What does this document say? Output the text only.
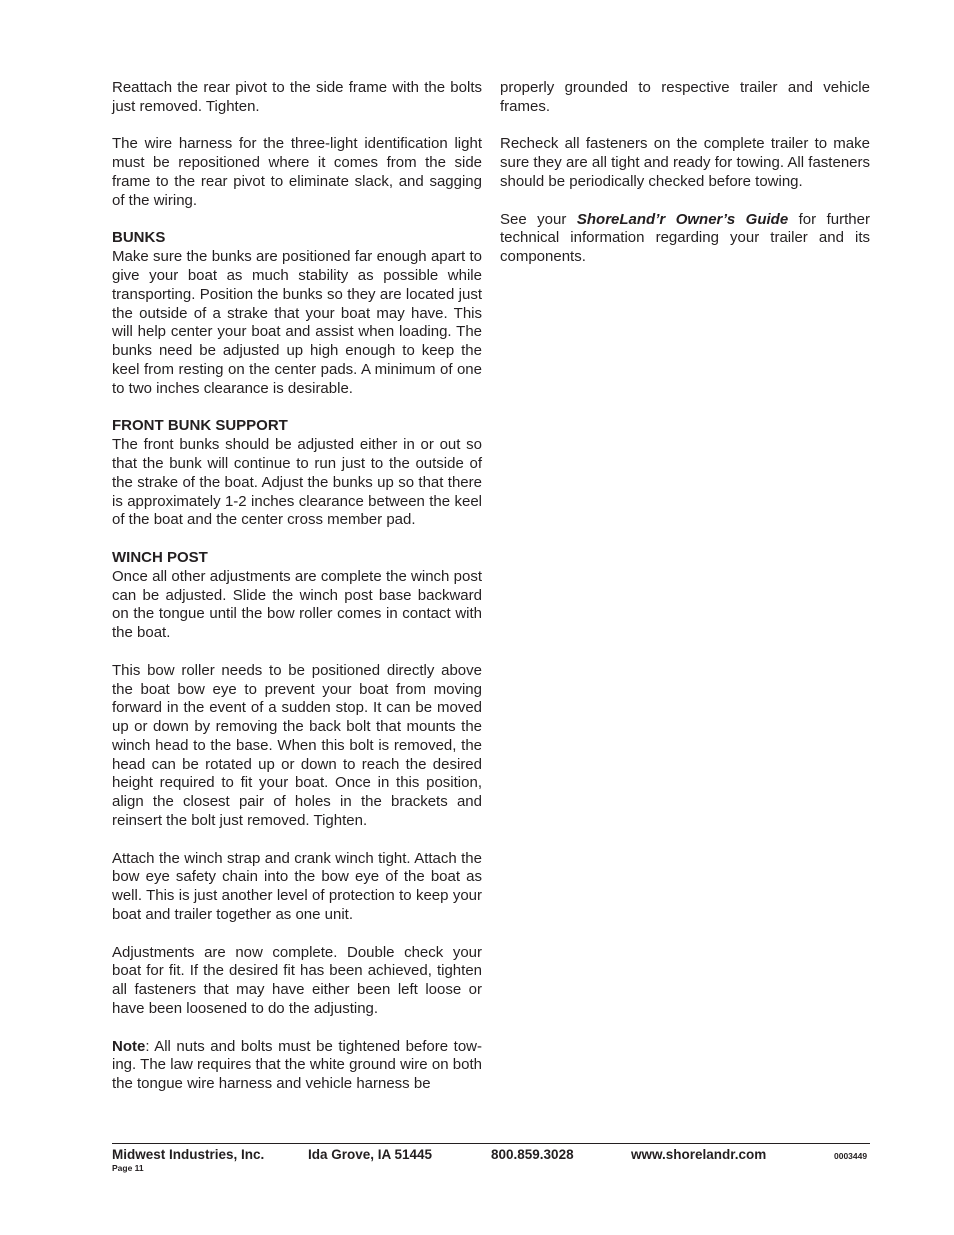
Reattach the rear pivot to the side frame with the bolts just removed. Tighten.

The wire harness for the three-light identification light must be repositioned where it comes from the side frame to the rear pivot to eliminate slack, and sagging of the wiring.

BUNKS

Make sure the bunks are positioned far enough apart to give your boat as much stability as possible while transporting. Position the bunks so they are located just the outside of a strake that your boat may have. This will help center your boat and assist when loading. The bunks need be adjusted up high enough to keep the keel from resting on the center pads. A minimum of one to two inches clearance is desirable.

FRONT BUNK SUPPORT

The front bunks should be adjusted either in or out so that the bunk will continue to run just to the outside of the strake of the boat. Adjust the bunks up so that there is approximately 1-2 inches clearance between the keel of the boat and the center cross member pad.

WINCH POST

Once all other adjustments are complete the winch post can be adjusted. Slide the winch post base backward on the tongue until the bow roller comes in contact with the boat.

This bow roller needs to be positioned directly above the boat bow eye to prevent your boat from moving forward in the event of a sudden stop. It can be moved up or down by removing the back bolt that mounts the winch head to the base. When this bolt is removed, the head can be rotated up or down to reach the desired height required to fit your boat. Once in this position, align the closest pair of holes in the brackets and reinsert the bolt just removed. Tighten.

Attach the winch strap and crank winch tight. Attach the bow eye safety chain into the bow eye of the boat as well. This is just another level of protection to keep your boat and trailer together as one unit.

Adjustments are now complete. Double check your boat for fit. If the desired fit has been achieved, tighten all fasteners that may have either been left loose or have been loosened to do the adjusting.

Note: All nuts and bolts must be tightened before towing. The law requires that the white ground wire on both the tongue wire harness and vehicle harness be

properly grounded to respective trailer and vehicle frames.

Recheck all fasteners on the complete trailer to make sure they are all tight and ready for towing. All fasteners should be periodically checked before towing.

See your ShoreLand’r Owner’s Guide for further technical information regarding your trailer and its components.

Midwest Industries, Inc.	Ida Grove, IA 51445	800.859.3028	www.shorelandr.com	0003449
Page 11
